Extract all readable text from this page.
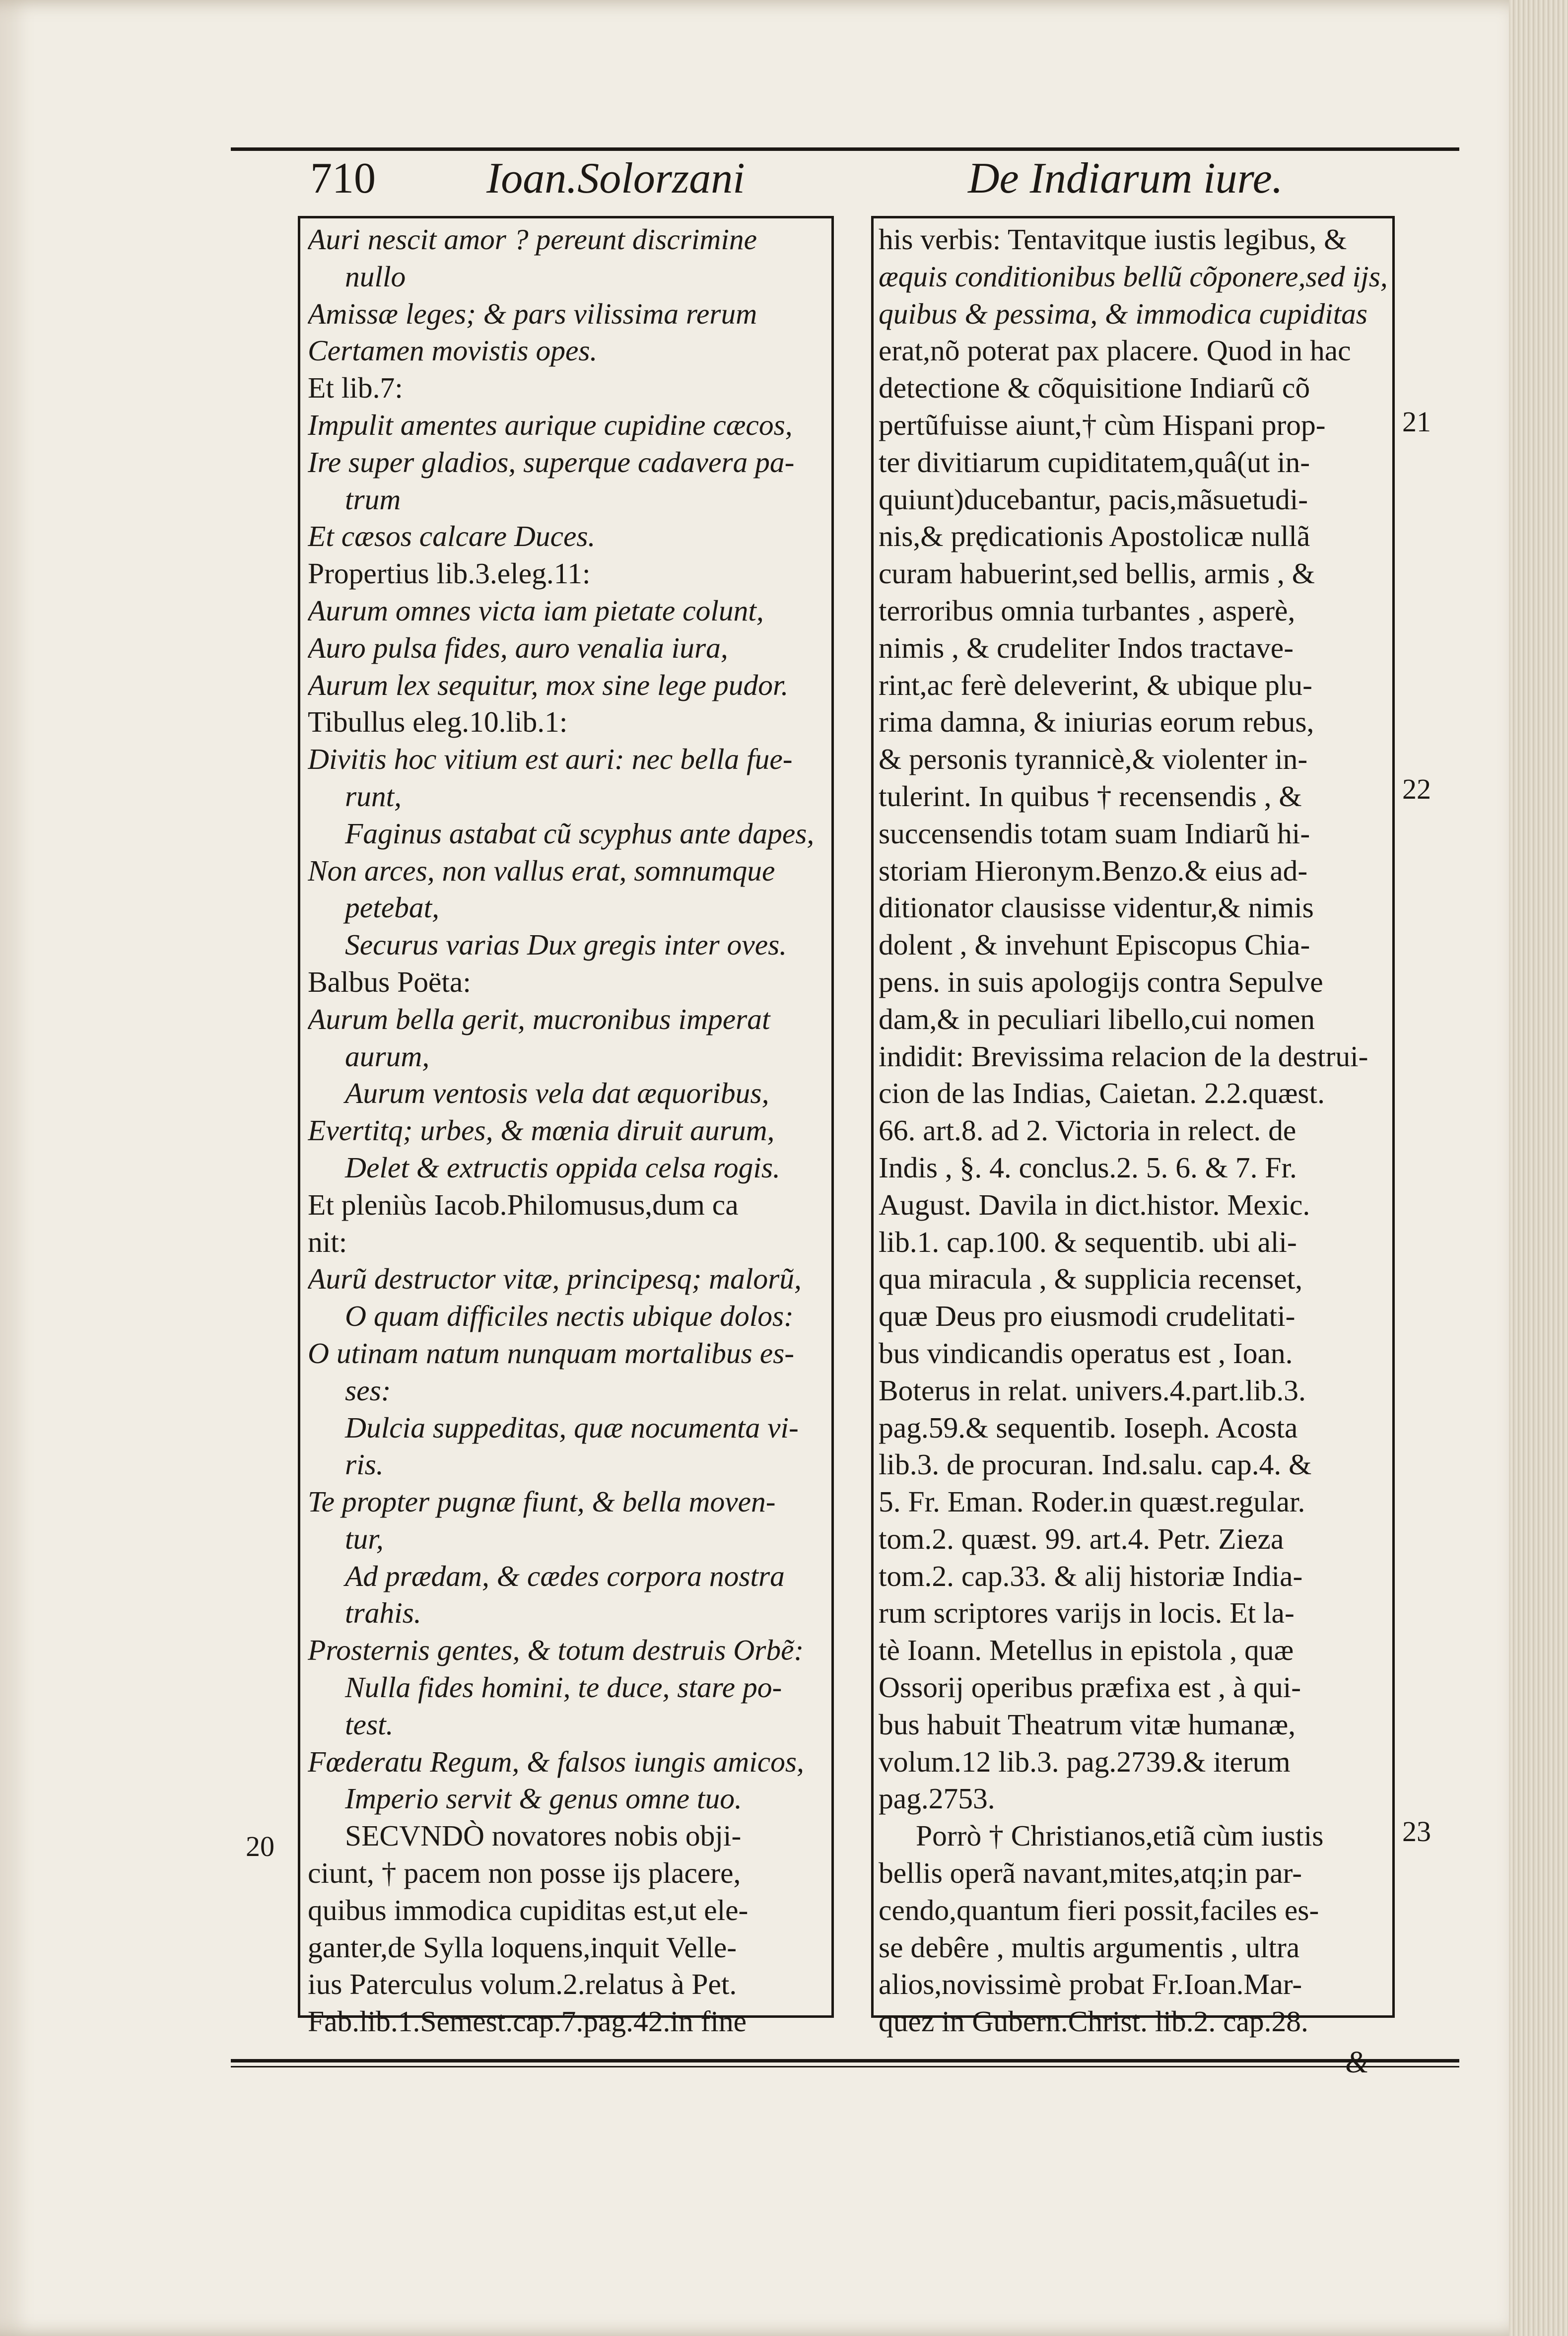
710	Ioan.Solorzani	De Indiarum iure.
Auri nescit amor ? pereunt discrimine
nullo
Amissæ leges; & pars vilissima rerum
Certamen movistis opes.
Et lib.7:
Impulit amentes aurique cupidine cæcos,
Ire super gladios, superque cadavera pa-
trum
Et cæsos calcare Duces.
Propertius lib.3.eleg.11:
Aurum omnes victa iam pietate colunt,
Auro pulsa fides, auro venalia iura,
Aurum lex sequitur, mox sine lege pudor.
Tibullus eleg.10.lib.1:
Divitis hoc vitium est auri: nec bella fue-
runt,
Faginus astabat cũ scyphus ante dapes,
Non arces, non vallus erat, somnumque
petebat,
Securus varias Dux gregis inter oves.
Balbus Poëta:
Aurum bella gerit, mucronibus imperat
aurum,
Aurum ventosis vela dat æquoribus,
Evertitq; urbes, & mœnia diruit aurum,
Delet & extructis oppida celsa rogis.
Et pleniùs Iacob.Philomusus,dum ca
nit:
Aurũ destructor vitæ, principesq; malorũ,
O quam difficiles nectis ubique dolos:
O utinam natum nunquam mortalibus es-
ses:
Dulcia suppeditas, quæ nocumenta vi-
ris.
Te propter pugnæ fiunt, & bella moven-
tur,
Ad prædam, & cædes corpora nostra
trahis.
Prosternis gentes, & totum destruis Orbẽ:
Nulla fides homini, te duce, stare po-
test.
Fœderatu Regum, & falsos iungis amicos,
Imperio servit & genus omne tuo.
SECVNDÒ novatores nobis obji-
ciunt, † pacem non posse ijs placere,
quibus immodica cupiditas est,ut ele-
ganter,de Sylla loquens,inquit Velle-
ius Paterculus volum.2.relatus à Pet.
Fab.lib.1.Semest.cap.7.pag.42.in fine
his verbis: Tentavitque iustis legibus, &
æquis conditionibus bellũ cõponere,sed ijs,
quibus & pessima, & immodica cupiditas
erat,nõ poterat pax placere. Quod in hac
detectione & cõquisitione Indiarũ cõ
pertũfuisse aiunt,† cùm Hispani prop-
ter divitiarum cupiditatem,quâ(ut in-
quiunt)ducebantur, pacis,mãsuetudi-
nis,& prędicationis Apostolicæ nullã
curam habuerint,sed bellis, armis , &
terroribus omnia turbantes , asperè,
nimis , & crudeliter Indos tractave-
rint,ac ferè deleverint, & ubique plu-
rima damna, & iniurias eorum rebus,
& personis tyrannicè,& violenter in-
tulerint. In quibus † recensendis , &
succensendis totam suam Indiarũ hi-
storiam Hieronym.Benzo.& eius ad-
ditionator clausisse videntur,& nimis
dolent , & invehunt Episcopus Chia-
pens. in suis apologijs contra Sepulve
dam,& in peculiari libello,cui nomen
indidit: Brevissima relacion de la destrui-
cion de las Indias, Caietan. 2.2.quæst.
66. art.8. ad 2. Victoria in relect. de
Indis , §. 4. conclus.2. 5. 6. & 7. Fr.
August. Davila in dict.histor. Mexic.
lib.1. cap.100. & sequentib. ubi ali-
qua miracula , & supplicia recenset,
quæ Deus pro eiusmodi crudelitati-
bus vindicandis operatus est , Ioan.
Boterus in relat. univers.4.part.lib.3.
pag.59.& sequentib. Ioseph. Acosta
lib.3. de procuran. Ind.salu. cap.4. &
5. Fr. Eman. Roder.in quæst.regular.
tom.2. quæst. 99. art.4. Petr. Zieza
tom.2. cap.33. & alij historiæ India-
rum scriptores varijs in locis. Et la-
tè Ioann. Metellus in epistola , quæ
Ossorij operibus præfixa est , à qui-
bus habuit Theatrum vitæ humanæ,
volum.12 lib.3. pag.2739.& iterum
pag.2753.
Porrò † Christianos,etiã cùm iustis
bellis operã navant,mites,atq;in par-
cendo,quantum fieri possit,faciles es-
se debêre , multis argumentis , ultra
alios,novissimè probat Fr.Ioan.Mar-
quez in Gubern.Christ. lib.2. cap.28.
20
21
22
23
&
